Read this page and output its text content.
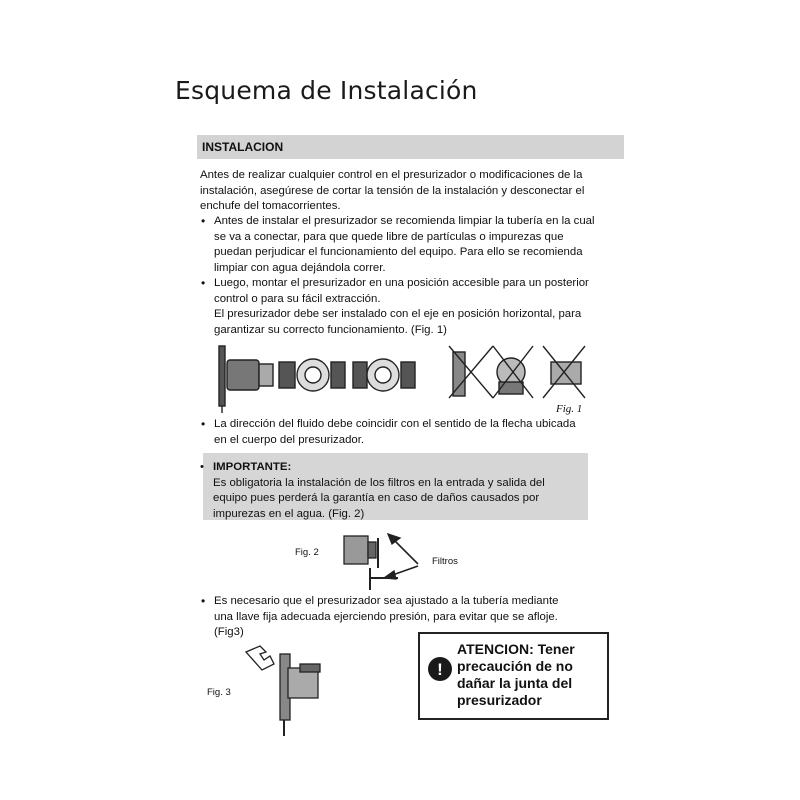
Esquema de Instalación
INSTALACION
Antes de realizar cualquier control en el presurizador o modificaciones de la
instalación, asegúrese de cortar la tensión de la instalación y desconectar el
enchufe del tomacorrientes.
• Antes de instalar el presurizador se recomienda limpiar la tubería en la cual
se va a conectar, para que quede libre de partículas o impurezas que
puedan perjudicar el funcionamiento del equipo. Para ello se recomienda
limpiar con agua dejándola correr.
• Luego, montar el presurizador en una posición accesible para un posterior
control o para su fácil extracción.
El presurizador debe ser instalado con el eje en posición horizontal, para
garantizar su correcto funcionamiento. (Fig. 1)
Fig. 1
• La dirección del fluido debe coincidir con el sentido de la flecha ubicada
en el cuerpo del presurizador.
• IMPORTANTE:
Es obligatoria la instalación de los filtros en la entrada y salida del
equipo pues perderá la garantía en caso de daños causados por
impurezas en el agua. (Fig. 2)
Fig. 2
Filtros
• Es necesario que el presurizador sea ajustado a la tubería mediante
una llave fija adecuada ejerciendo presión, para evitar que se afloje.
(Fig3)
Fig. 3
!
ATENCION: Tener
precaución de no
dañar la junta del
presurizador
